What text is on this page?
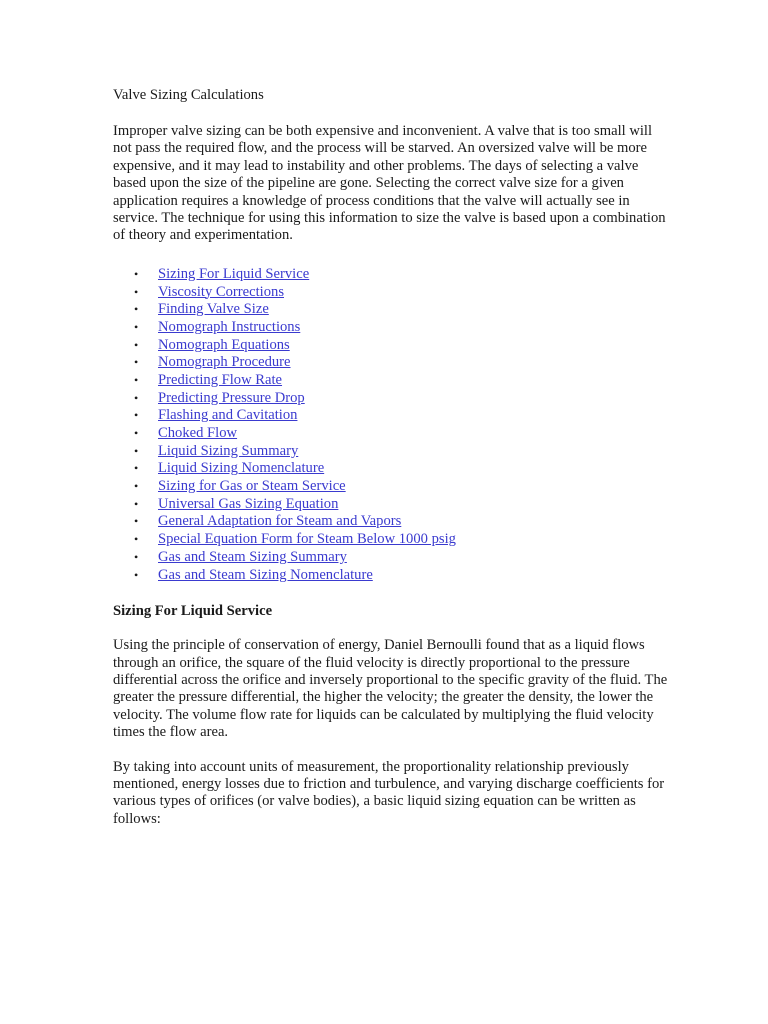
Valve Sizing Calculations

Improper valve sizing can be both expensive and inconvenient. A valve that is too small will not pass the required flow, and the process will be starved. An oversized valve will be more expensive, and it may lead to instability and other problems. The days of selecting a valve based upon the size of the pipeline are gone. Selecting the correct valve size for a given application requires a knowledge of process conditions that the valve will actually see in service. The technique for using this information to size the valve is based upon a combination of theory and experimentation.

• Sizing For Liquid Service
• Viscosity Corrections
• Finding Valve Size
• Nomograph Instructions
• Nomograph Equations
• Nomograph Procedure
• Predicting Flow Rate
• Predicting Pressure Drop
• Flashing and Cavitation
• Choked Flow
• Liquid Sizing Summary
• Liquid Sizing Nomenclature
• Sizing for Gas or Steam Service
• Universal Gas Sizing Equation
• General Adaptation for Steam and Vapors
• Special Equation Form for Steam Below 1000 psig
• Gas and Steam Sizing Summary
• Gas and Steam Sizing Nomenclature
Sizing For Liquid Service

Using the principle of conservation of energy, Daniel Bernoulli found that as a liquid flows through an orifice, the square of the fluid velocity is directly proportional to the pressure differential across the orifice and inversely proportional to the specific gravity of the fluid. The greater the pressure differential, the higher the velocity; the greater the density, the lower the velocity. The volume flow rate for liquids can be calculated by multiplying the fluid velocity times the flow area.

By taking into account units of measurement, the proportionality relationship previously mentioned, energy losses due to friction and turbulence, and varying discharge coefficients for various types of orifices (or valve bodies), a basic liquid sizing equation can be written as follows:
